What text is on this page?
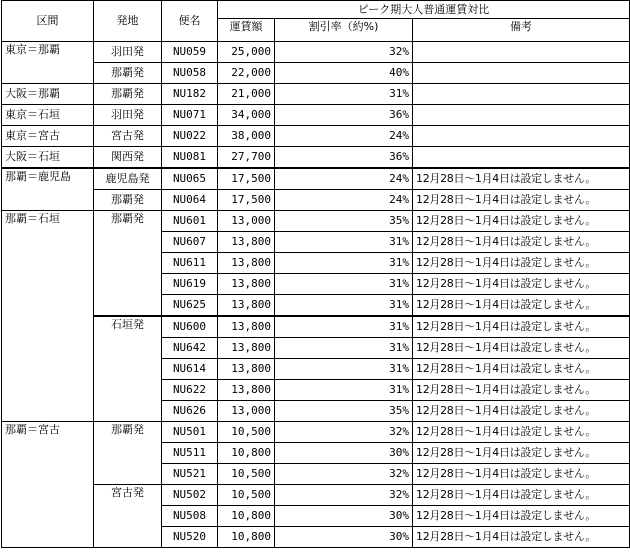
区間	発地	便名	ピーク期大人普通運賃対比		
			運賃額	割引率（約%)	備考
東京＝那覇	羽田発	NU059	25,000	32%	
	那覇発	NU058	22,000	40%	
大阪＝那覇	那覇発	NU182	21,000	31%	
東京＝石垣	羽田発	NU071	34,000	36%	
東京＝宮古	宮古発	NU022	38,000	24%	
大阪＝石垣	関西発	NU081	27,700	36%	
那覇＝鹿児島	鹿児島発	NU065	17,500	24%	12月28日～1月4日は設定しません。
	那覇発	NU064	17,500	24%	12月28日～1月4日は設定しません。
那覇＝石垣	那覇発	NU601	13,000	35%	12月28日～1月4日は設定しません。
		NU607	13,800	31%	12月28日～1月4日は設定しません。
		NU611	13,800	31%	12月28日～1月4日は設定しません。
		NU619	13,800	31%	12月28日～1月4日は設定しません。
		NU625	13,800	31%	12月28日～1月4日は設定しません。
	石垣発	NU600	13,800	31%	12月28日～1月4日は設定しません。
		NU642	13,800	31%	12月28日～1月4日は設定しません。
		NU614	13,800	31%	12月28日～1月4日は設定しません。
		NU622	13,800	31%	12月28日～1月4日は設定しません。
		NU626	13,000	35%	12月28日～1月4日は設定しません。
那覇＝宮古	那覇発	NU501	10,500	32%	12月28日～1月4日は設定しません。
		NU511	10,800	30%	12月28日～1月4日は設定しません。
		NU521	10,500	32%	12月28日～1月4日は設定しません。
	宮古発	NU502	10,500	32%	12月28日～1月4日は設定しません。
		NU508	10,800	30%	12月28日～1月4日は設定しません。
		NU520	10,800	30%	12月28日～1月4日は設定しません。
